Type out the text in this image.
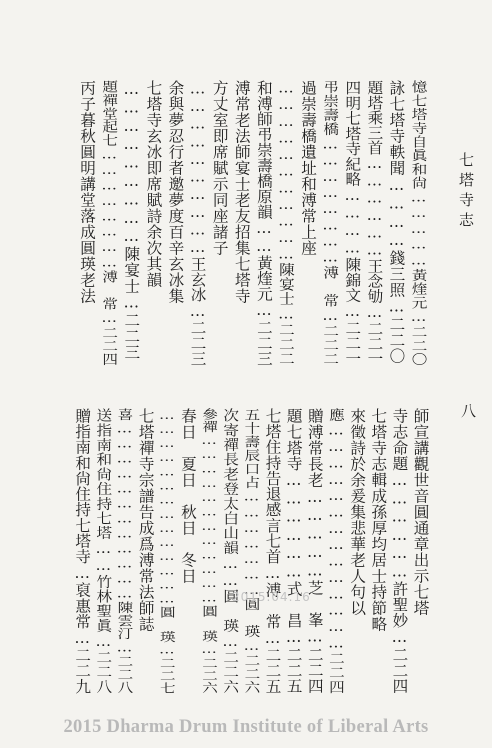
七塔寺志
八
憶七塔寺自眞和尙……………黃煃元…二二〇
詠七塔寺軼聞…………錢三照…二二〇
題塔乘三首………………王念劬…二二一
四明七塔寺紀略…………陳錦文…二二一
弔崇壽橋……………………溥　常…二二二
過崇壽橋遺址和溥常上座
……………………………陳宴士…二二二
和溥師弔崇壽橋原韻……黃煃元…二二三
溥常老法師宴士老友招集七塔寺
方丈室即席賦示同座諸子
…………………………王玄冰…二二三
余與夢忍行者邀夢度百辛玄冰集
七塔寺玄冰即席賦詩余次其韻
………………………陳宴士…二二三
題禪堂起七……………………溥　常…二二四
丙子暮秋圓明講堂落成圓瑛老法
師宣講觀世音圓通章出示七塔
寺志命題………………許聖妙…二二四
七塔寺志輯成孫厚均居士持節略
來徵詩於余爰集悲華老人句以
應……………………………………二二四
贈溥常長老……………芝　峯…二二四
題七塔寺………………式　昌…二二五
七塔住持告退感言七首…溥　常…二二五
五十壽辰口占…………………圓　瑛…二二六
次寄禪長老登太白山韻……圓　瑛…二二六
參禪………………………………圓　瑛…二二六
春日　夏日　秋日　冬日
……………………………………圓　瑛…二二七
七塔禪寺宗譜告成爲溥常法師誌
喜………………………………陳雲汀…二二八
送指南和尙住持七塔……竹林聖眞…二二八
贈指南和尙住持七塔寺…裒惠常…二二九	2015.04.16
2015 Dharma Drum Institute of Liberal Arts
